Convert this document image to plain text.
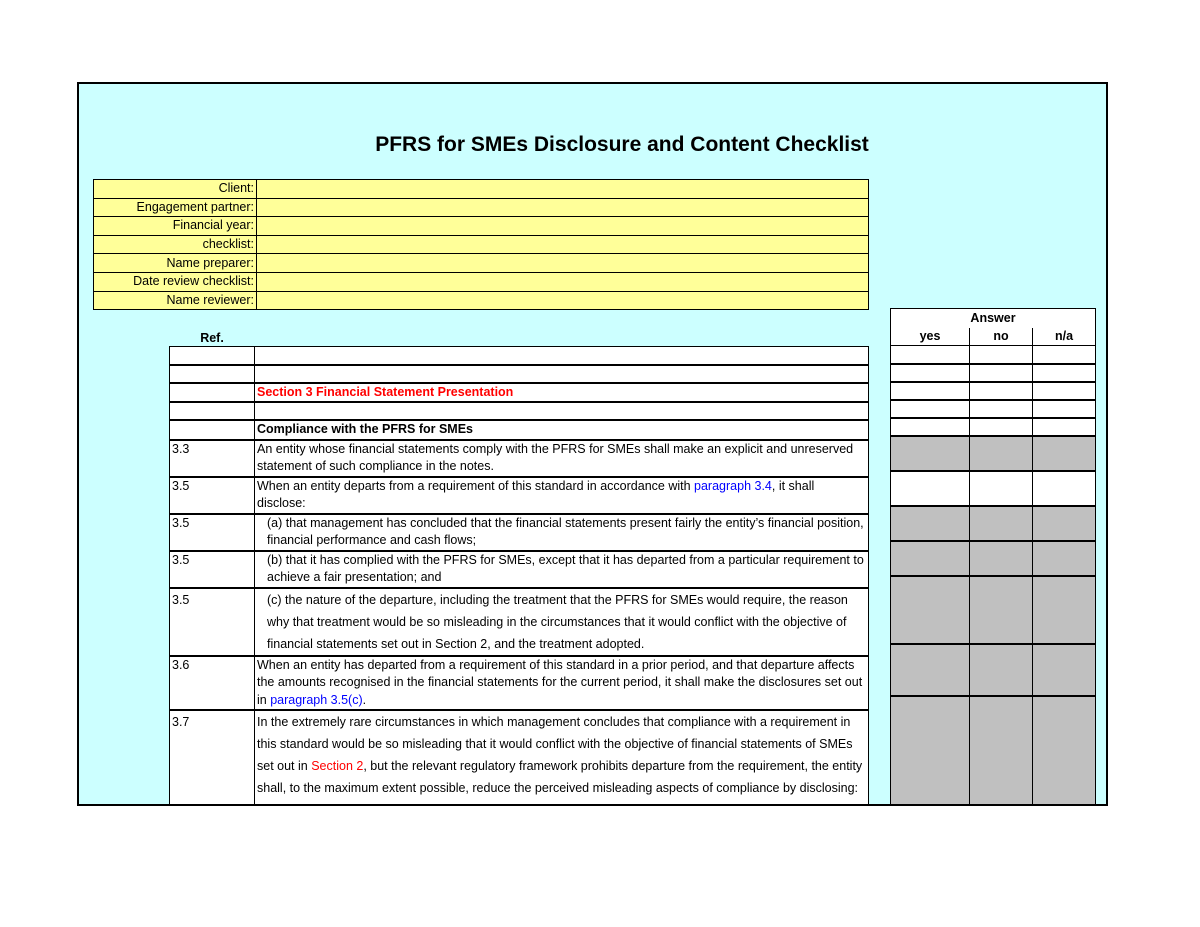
PFRS for SMEs Disclosure and Content Checklist
Client:	
Engagement partner:	
Financial year:	
checklist:	
Name preparer:	
Date review checklist:	
Name reviewer:	
Ref.

	Section 3 Financial Statement Presentation

	Compliance with the PFRS for SMEs
3.3	An entity whose financial statements comply with the PFRS for SMEs shall make an explicit and unreserved statement of such compliance in the notes.
3.5	When an entity departs from a requirement of this standard in accordance with paragraph 3.4, it shall disclose:
3.5	(a) that management has concluded that the financial statements present fairly the entity’s financial position, financial performance and cash flows;
3.5	(b) that it has complied with the PFRS for SMEs, except that it has departed from a particular requirement to achieve a fair presentation; and
3.5	(c) the nature of the departure, including the treatment that the PFRS for SMEs would require, the reason why that treatment would be so misleading in the circumstances that it would conflict with the objective of financial statements set out in Section 2, and the treatment adopted.
3.6	When an entity has departed from a requirement of this standard in a prior period, and that departure affects the amounts recognised in the financial statements for the current period, it shall make the disclosures set out in paragraph 3.5(c).
3.7	In the extremely rare circumstances in which management concludes that compliance with a requirement in this standard would be so misleading that it would conflict with the objective of financial statements of SMEs set out in Section 2, but the relevant regulatory framework prohibits departure from the requirement, the entity shall, to the maximum extent possible, reduce the perceived misleading aspects of compliance by disclosing:
Answer		
yes	no	n/a
